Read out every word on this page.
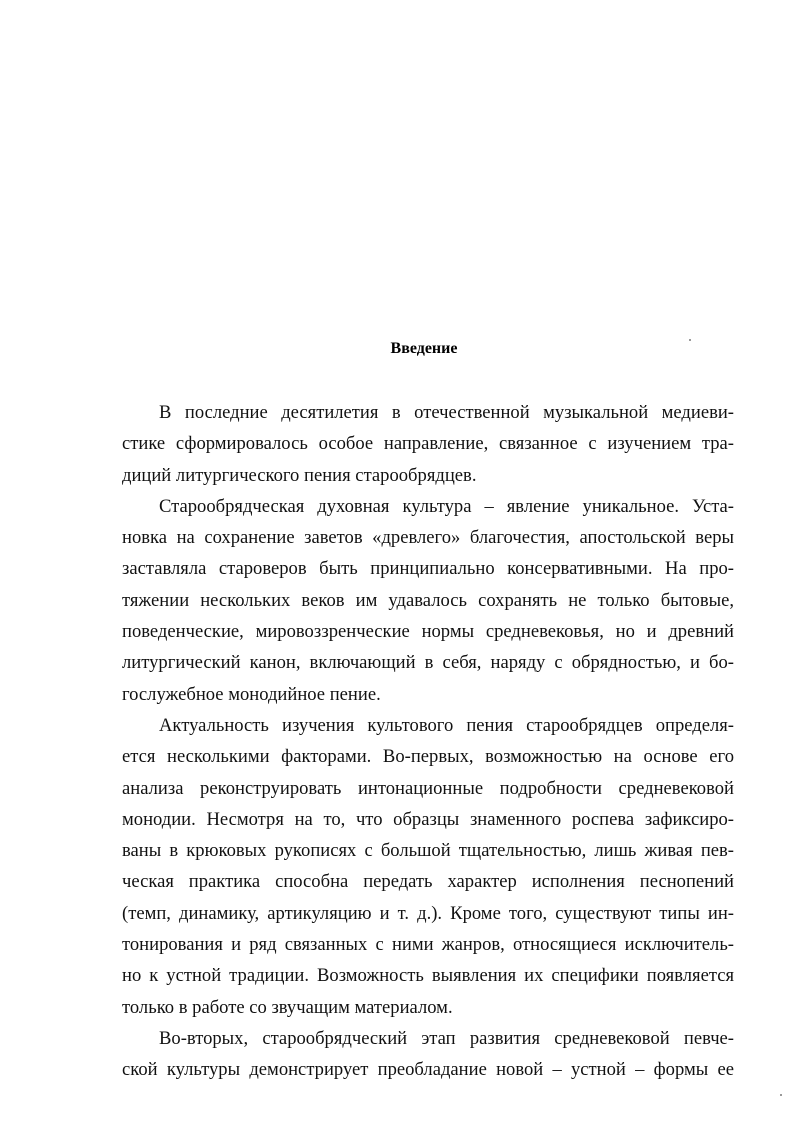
Введение
В последние десятилетия в отечественной музыкальной медиеви-
стике сформировалось особое направление, связанное с изучением тра-
диций литургического пения старообрядцев.
Старообрядческая духовная культура – явление уникальное. Уста-
новка на сохранение заветов «древлего» благочестия, апостольской веры
заставляла староверов быть принципиально консервативными. На про-
тяжении нескольких веков им удавалось сохранять не только бытовые,
поведенческие, мировоззренческие нормы средневековья, но и древний
литургический канон, включающий в себя, наряду с обрядностью, и бо-
гослужебное монодийное пение.
Актуальность изучения культового пения старообрядцев определя-
ется несколькими факторами. Во-первых, возможностью на основе его
анализа реконструировать интонационные подробности средневековой
монодии. Несмотря на то, что образцы знаменного роспева зафиксиро-
ваны в крюковых рукописях с большой тщательностью, лишь живая пев-
ческая практика способна передать характер исполнения песнопений
(темп, динамику, артикуляцию и т. д.). Кроме того, существуют типы ин-
тонирования и ряд связанных с ними жанров, относящиеся исключитель-
но к устной традиции. Возможность выявления их специфики появляется
только в работе со звучащим материалом.
Во-вторых, старообрядческий этап развития средневековой певче-
ской культуры демонстрирует преобладание новой – устной – формы ее
